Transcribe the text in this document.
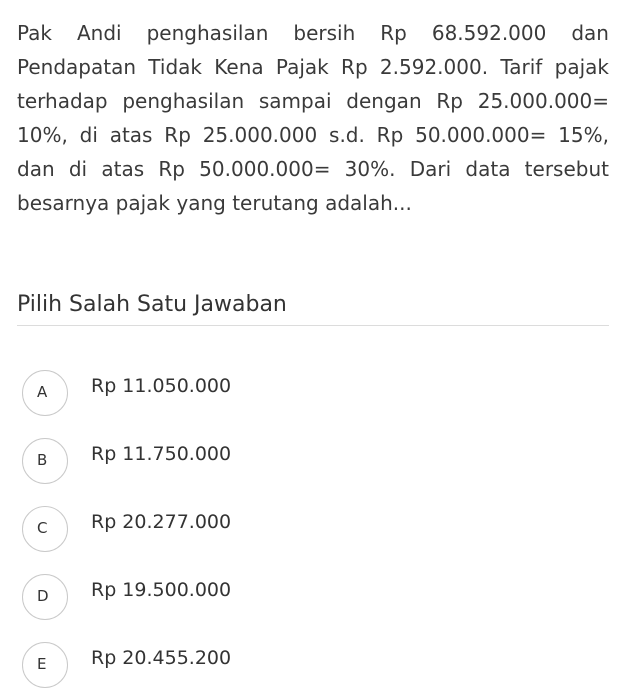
Pak Andi penghasilan bersih Rp 68.592.000 dan Pendapatan Tidak Kena Pajak Rp 2.592.000. Tarif pajak terhadap penghasilan sampai dengan Rp 25.000.000= 10%, di atas Rp 25.000.000 s.d. Rp 50.000.000= 15%, dan di atas Rp 50.000.000= 30%. Dari data tersebut besarnya pajak yang terutang adalah...

Pilih Salah Satu Jawaban
A Rp 11.050.000
B Rp 11.750.000
C Rp 20.277.000
D Rp 19.500.000
E Rp 20.455.200
